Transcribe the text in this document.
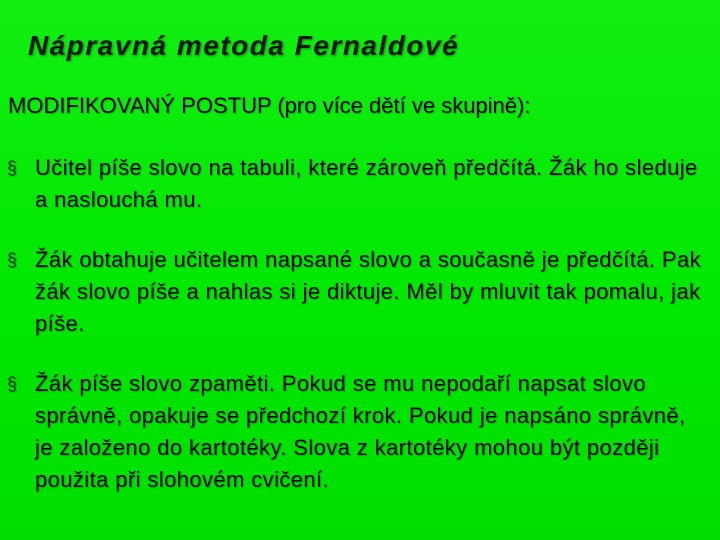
Nápravná metoda Fernaldové
MODIFIKOVANÝ POSTUP (pro více dětí ve skupině):
§ Učitel píše slovo na tabuli, které zároveň předčítá. Žák ho sleduje a naslouchá mu.
§ Žák obtahuje učitelem napsané slovo a současně je předčítá. Pak žák slovo píše a nahlas si je diktuje. Měl by mluvit tak pomalu, jak píše.
§ Žák píše slovo zpaměti. Pokud se mu nepodaří napsat slovo správně, opakuje se předchozí krok. Pokud je napsáno správně, je založeno do kartotéky. Slova z kartotéky mohou být později použita při slohovém cvičení.
